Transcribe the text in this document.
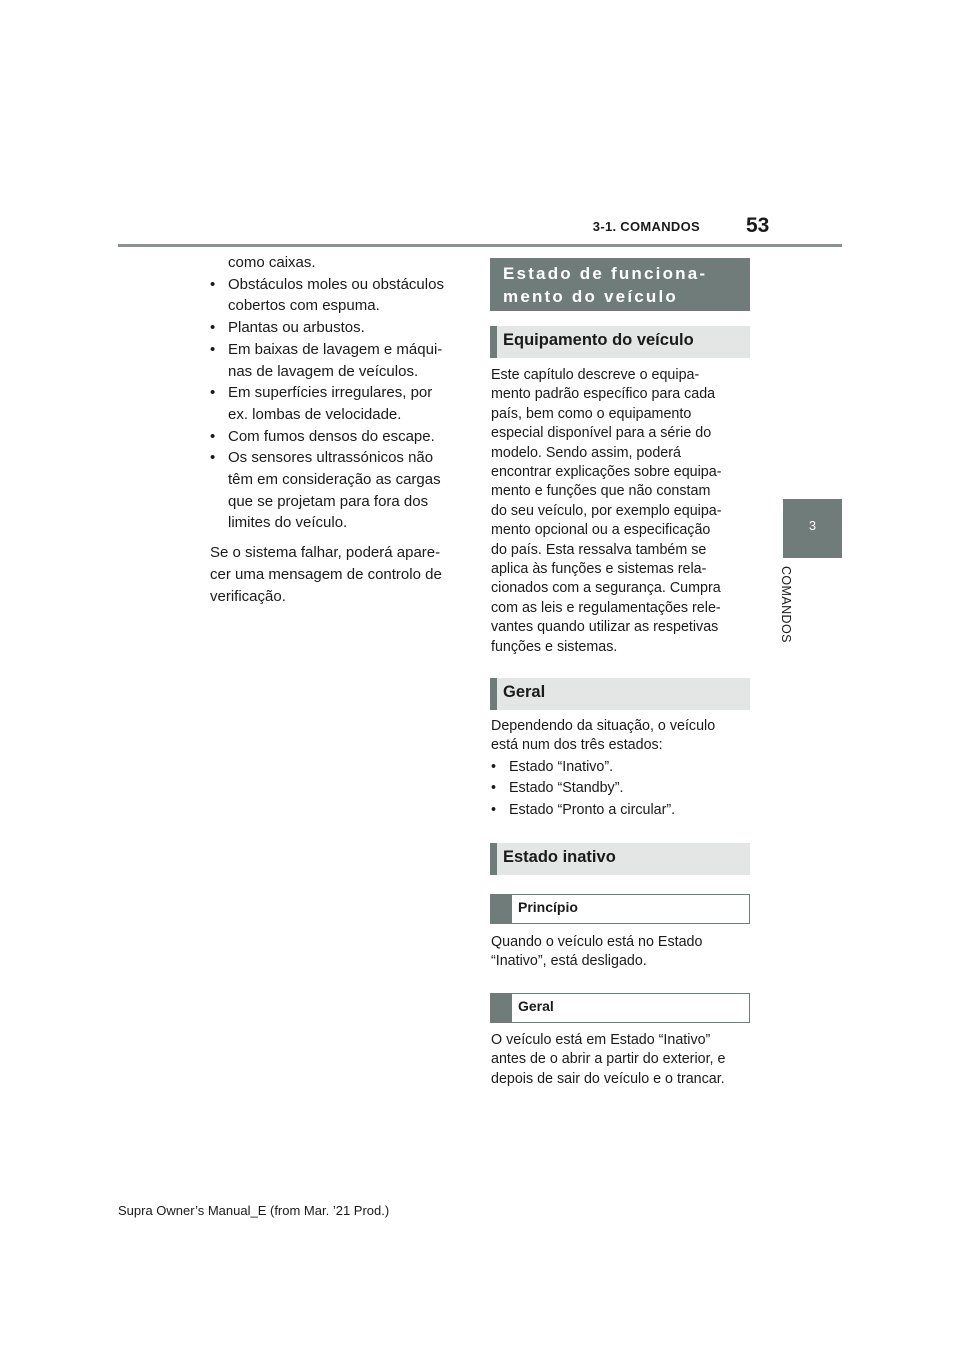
3-1. COMANDOS 53
3
COMANDOS
como caixas.
• Obstáculos moles ou obstáculos
cobertos com espuma.
• Plantas ou arbustos.
• Em baixas de lavagem e máqui-
nas de lavagem de veículos.
• Em superfícies irregulares, por
ex. lombas de velocidade.
• Com fumos densos do escape.
• Os sensores ultrassónicos não
têm em consideração as cargas
que se projetam para fora dos
limites do veículo.
Se o sistema falhar, poderá apare-
cer uma mensagem de controlo de
verificação.
Estado de funciona-
mento do veículo
Equipamento do veículo
Este capítulo descreve o equipa-
mento padrão específico para cada
país, bem como o equipamento
especial disponível para a série do
modelo. Sendo assim, poderá
encontrar explicações sobre equipa-
mento e funções que não constam
do seu veículo, por exemplo equipa-
mento opcional ou a especificação
do país. Esta ressalva também se
aplica às funções e sistemas rela-
cionados com a segurança. Cumpra
com as leis e regulamentações rele-
vantes quando utilizar as respetivas
funções e sistemas.
Geral
Dependendo da situação, o veículo
está num dos três estados:
• Estado “Inativo”.
• Estado “Standby”.
• Estado “Pronto a circular”.
Estado inativo
Princípio
Quando o veículo está no Estado
“Inativo”, está desligado.
Geral
O veículo está em Estado “Inativo”
antes de o abrir a partir do exterior, e
depois de sair do veículo e o trancar.
Supra Owner’s Manual_E (from Mar. ’21 Prod.)
